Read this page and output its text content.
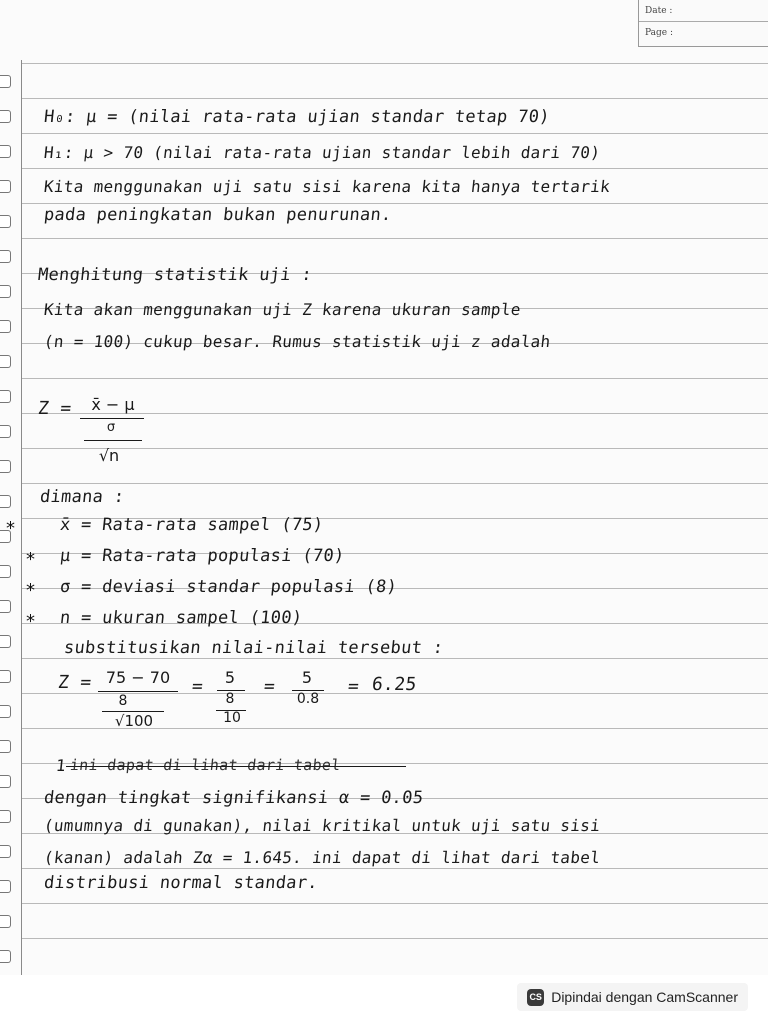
Date :
Page :
H₀: μ = (nilai rata-rata ujian standar tetap 70)
H₁: μ > 70 (nilai rata-rata ujian standar lebih dari 70)
Kita menggunakan uji satu sisi karena kita hanya tertarik
pada peningkatan bukan penurunan.
Menghitung statistik uji :
Kita akan menggunakan uji Z karena ukuran sample
(n = 100) cukup besar. Rumus statistik uji z adalah
Z =	x̄ − μ
σ
√n
dimana :
*	x̄ = Rata-rata sampel (75)
* μ = Rata-rata populasi (70)
* σ = deviasi standar populasi (8)
* n = ukuran sampel (100)
substitusikan nilai-nilai tersebut :
Z = 75 − 70
8
√100
=	5
8
10
=	5
0.8
= 6.25
1 ini dapat di lihat dari tabel
dengan tingkat signifikansi α = 0.05
(umumnya di gunakan), nilai kritikal untuk uji satu sisi
(kanan) adalah Zα = 1.645. ini dapat di lihat dari tabel
distribusi normal standar.
CS Dipindai dengan CamScanner
